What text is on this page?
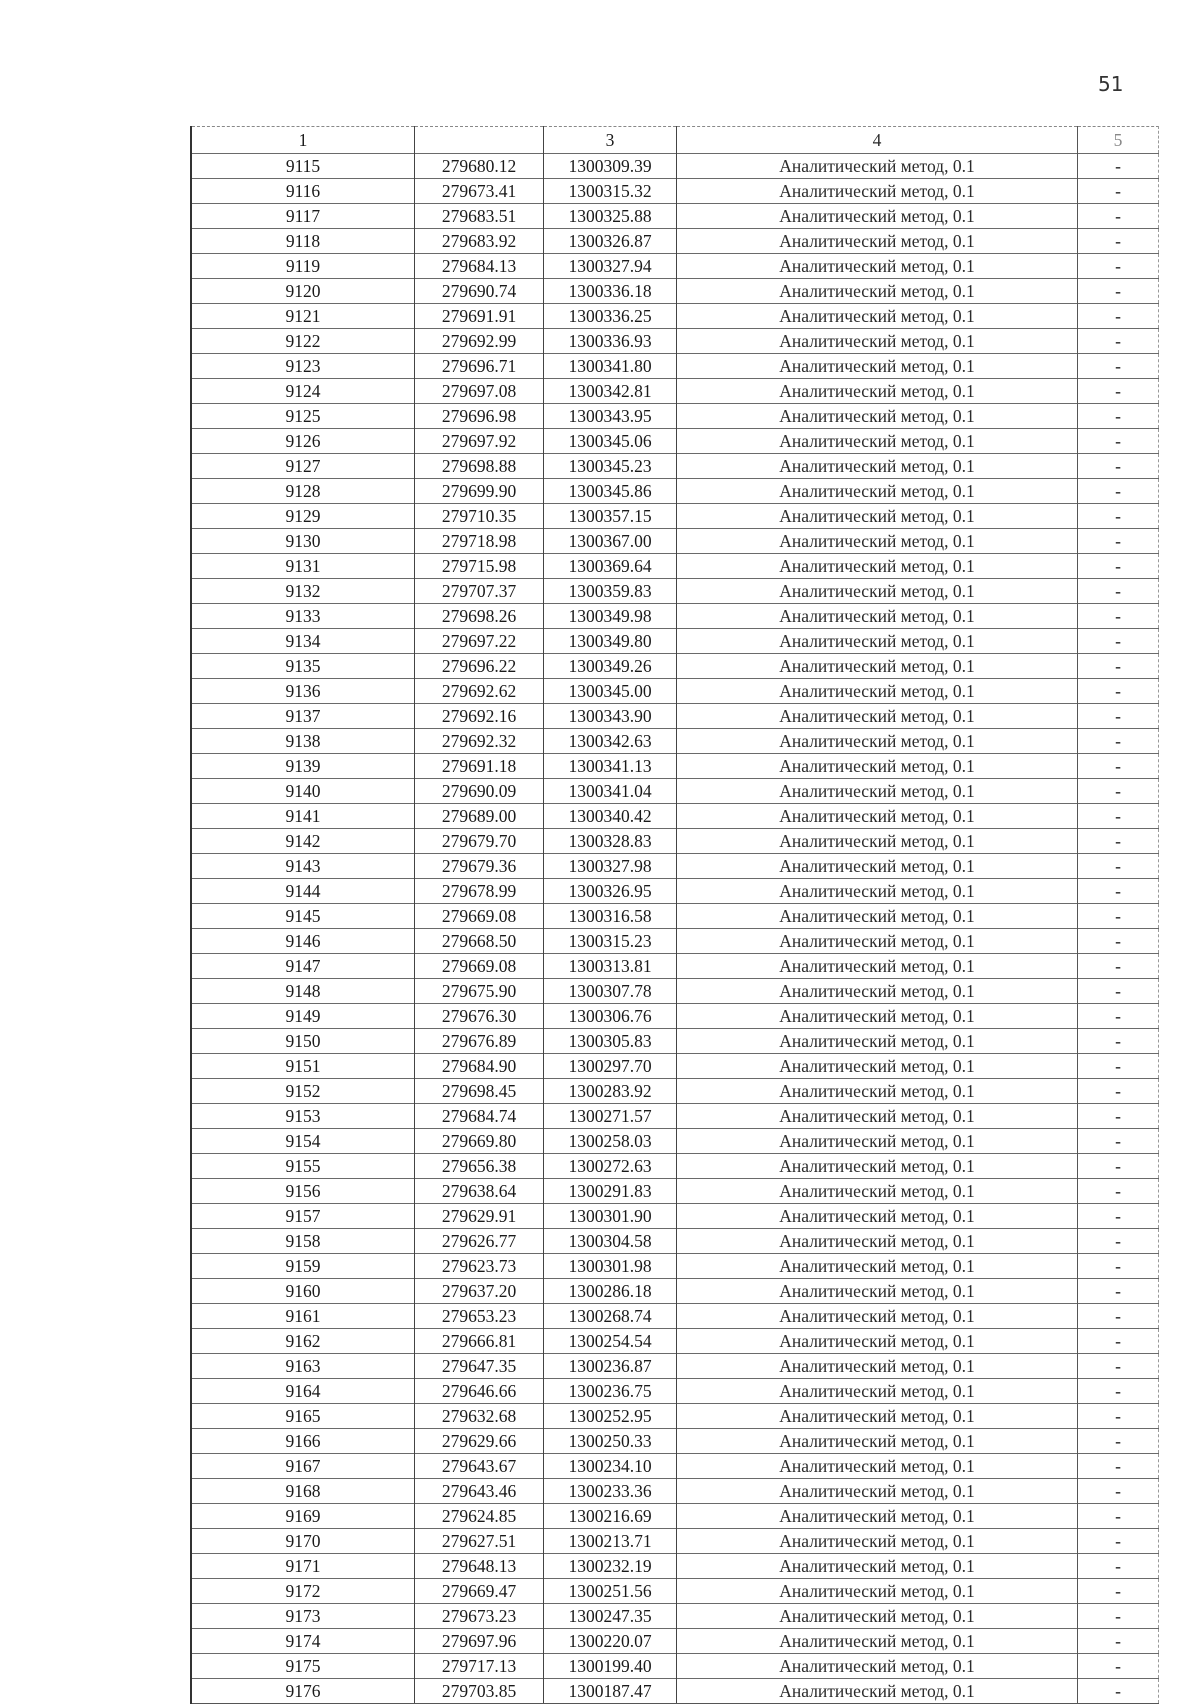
51
1		3	4	5
9115	279680.12	1300309.39	Аналитический метод, 0.1	-
9116	279673.41	1300315.32	Аналитический метод, 0.1	-
9117	279683.51	1300325.88	Аналитический метод, 0.1	-
9118	279683.92	1300326.87	Аналитический метод, 0.1	-
9119	279684.13	1300327.94	Аналитический метод, 0.1	-
9120	279690.74	1300336.18	Аналитический метод, 0.1	-
9121	279691.91	1300336.25	Аналитический метод, 0.1	-
9122	279692.99	1300336.93	Аналитический метод, 0.1	-
9123	279696.71	1300341.80	Аналитический метод, 0.1	-
9124	279697.08	1300342.81	Аналитический метод, 0.1	-
9125	279696.98	1300343.95	Аналитический метод, 0.1	-
9126	279697.92	1300345.06	Аналитический метод, 0.1	-
9127	279698.88	1300345.23	Аналитический метод, 0.1	-
9128	279699.90	1300345.86	Аналитический метод, 0.1	-
9129	279710.35	1300357.15	Аналитический метод, 0.1	-
9130	279718.98	1300367.00	Аналитический метод, 0.1	-
9131	279715.98	1300369.64	Аналитический метод, 0.1	-
9132	279707.37	1300359.83	Аналитический метод, 0.1	-
9133	279698.26	1300349.98	Аналитический метод, 0.1	-
9134	279697.22	1300349.80	Аналитический метод, 0.1	-
9135	279696.22	1300349.26	Аналитический метод, 0.1	-
9136	279692.62	1300345.00	Аналитический метод, 0.1	-
9137	279692.16	1300343.90	Аналитический метод, 0.1	-
9138	279692.32	1300342.63	Аналитический метод, 0.1	-
9139	279691.18	1300341.13	Аналитический метод, 0.1	-
9140	279690.09	1300341.04	Аналитический метод, 0.1	-
9141	279689.00	1300340.42	Аналитический метод, 0.1	-
9142	279679.70	1300328.83	Аналитический метод, 0.1	-
9143	279679.36	1300327.98	Аналитический метод, 0.1	-
9144	279678.99	1300326.95	Аналитический метод, 0.1	-
9145	279669.08	1300316.58	Аналитический метод, 0.1	-
9146	279668.50	1300315.23	Аналитический метод, 0.1	-
9147	279669.08	1300313.81	Аналитический метод, 0.1	-
9148	279675.90	1300307.78	Аналитический метод, 0.1	-
9149	279676.30	1300306.76	Аналитический метод, 0.1	-
9150	279676.89	1300305.83	Аналитический метод, 0.1	-
9151	279684.90	1300297.70	Аналитический метод, 0.1	-
9152	279698.45	1300283.92	Аналитический метод, 0.1	-
9153	279684.74	1300271.57	Аналитический метод, 0.1	-
9154	279669.80	1300258.03	Аналитический метод, 0.1	-
9155	279656.38	1300272.63	Аналитический метод, 0.1	-
9156	279638.64	1300291.83	Аналитический метод, 0.1	-
9157	279629.91	1300301.90	Аналитический метод, 0.1	-
9158	279626.77	1300304.58	Аналитический метод, 0.1	-
9159	279623.73	1300301.98	Аналитический метод, 0.1	-
9160	279637.20	1300286.18	Аналитический метод, 0.1	-
9161	279653.23	1300268.74	Аналитический метод, 0.1	-
9162	279666.81	1300254.54	Аналитический метод, 0.1	-
9163	279647.35	1300236.87	Аналитический метод, 0.1	-
9164	279646.66	1300236.75	Аналитический метод, 0.1	-
9165	279632.68	1300252.95	Аналитический метод, 0.1	-
9166	279629.66	1300250.33	Аналитический метод, 0.1	-
9167	279643.67	1300234.10	Аналитический метод, 0.1	-
9168	279643.46	1300233.36	Аналитический метод, 0.1	-
9169	279624.85	1300216.69	Аналитический метод, 0.1	-
9170	279627.51	1300213.71	Аналитический метод, 0.1	-
9171	279648.13	1300232.19	Аналитический метод, 0.1	-
9172	279669.47	1300251.56	Аналитический метод, 0.1	-
9173	279673.23	1300247.35	Аналитический метод, 0.1	-
9174	279697.96	1300220.07	Аналитический метод, 0.1	-
9175	279717.13	1300199.40	Аналитический метод, 0.1	-
9176	279703.85	1300187.47	Аналитический метод, 0.1	-
